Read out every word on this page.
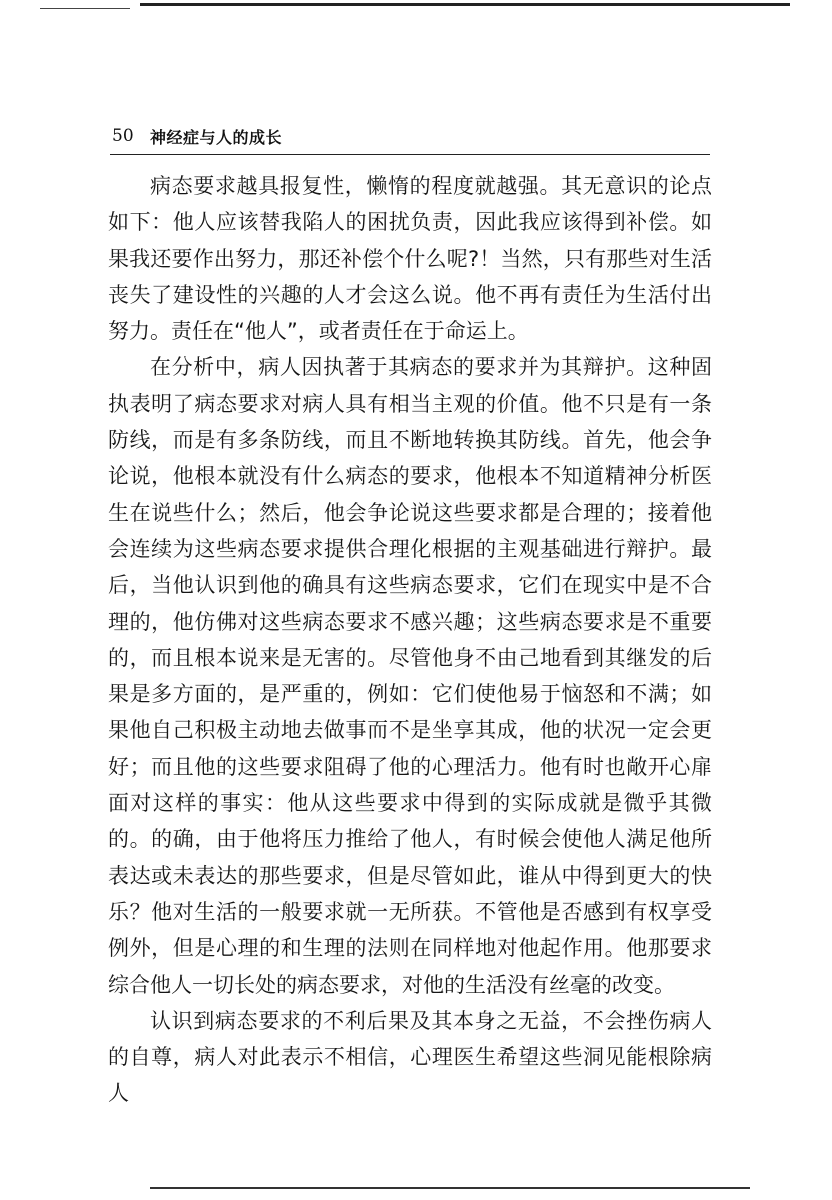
50 神经症与人的成长

病态要求越具报复性，懒惰的程度就越强。其无意识的论点如下：他人应该替我陷人的困扰负责，因此我应该得到补偿。如果我还要作出努力，那还补偿个什么呢?！当然，只有那些对生活丧失了建设性的兴趣的人才会这么说。他不再有责任为生活付出努力。责任在“他人”，或者责任在于命运上。

在分析中，病人因执著于其病态的要求并为其辩护。这种固执表明了病态要求对病人具有相当主观的价值。他不只是有一条防线，而是有多条防线，而且不断地转换其防线。首先，他会争论说，他根本就没有什么病态的要求，他根本不知道精神分析医生在说些什么；然后，他会争论说这些要求都是合理的；接着他会连续为这些病态要求提供合理化根据的主观基础进行辩护。最后，当他认识到他的确具有这些病态要求，它们在现实中是不合理的，他仿佛对这些病态要求不感兴趣；这些病态要求是不重要的，而且根本说来是无害的。尽管他身不由己地看到其继发的后果是多方面的，是严重的，例如：它们使他易于恼怒和不满；如果他自己积极主动地去做事而不是坐享其成，他的状况一定会更好；而且他的这些要求阻碍了他的心理活力。他有时也敞开心扉面对这样的事实：他从这些要求中得到的实际成就是微乎其微的。的确，由于他将压力推给了他人，有时候会使他人满足他所表达或未表达的那些要求，但是尽管如此，谁从中得到更大的快乐？他对生活的一般要求就一无所获。不管他是否感到有权享受例外，但是心理的和生理的法则在同样地对他起作用。他那要求综合他人一切长处的病态要求，对他的生活没有丝毫的改变。

认识到病态要求的不利后果及其本身之无益，不会挫伤病人的自尊，病人对此表示不相信，心理医生希望这些洞见能根除病人
